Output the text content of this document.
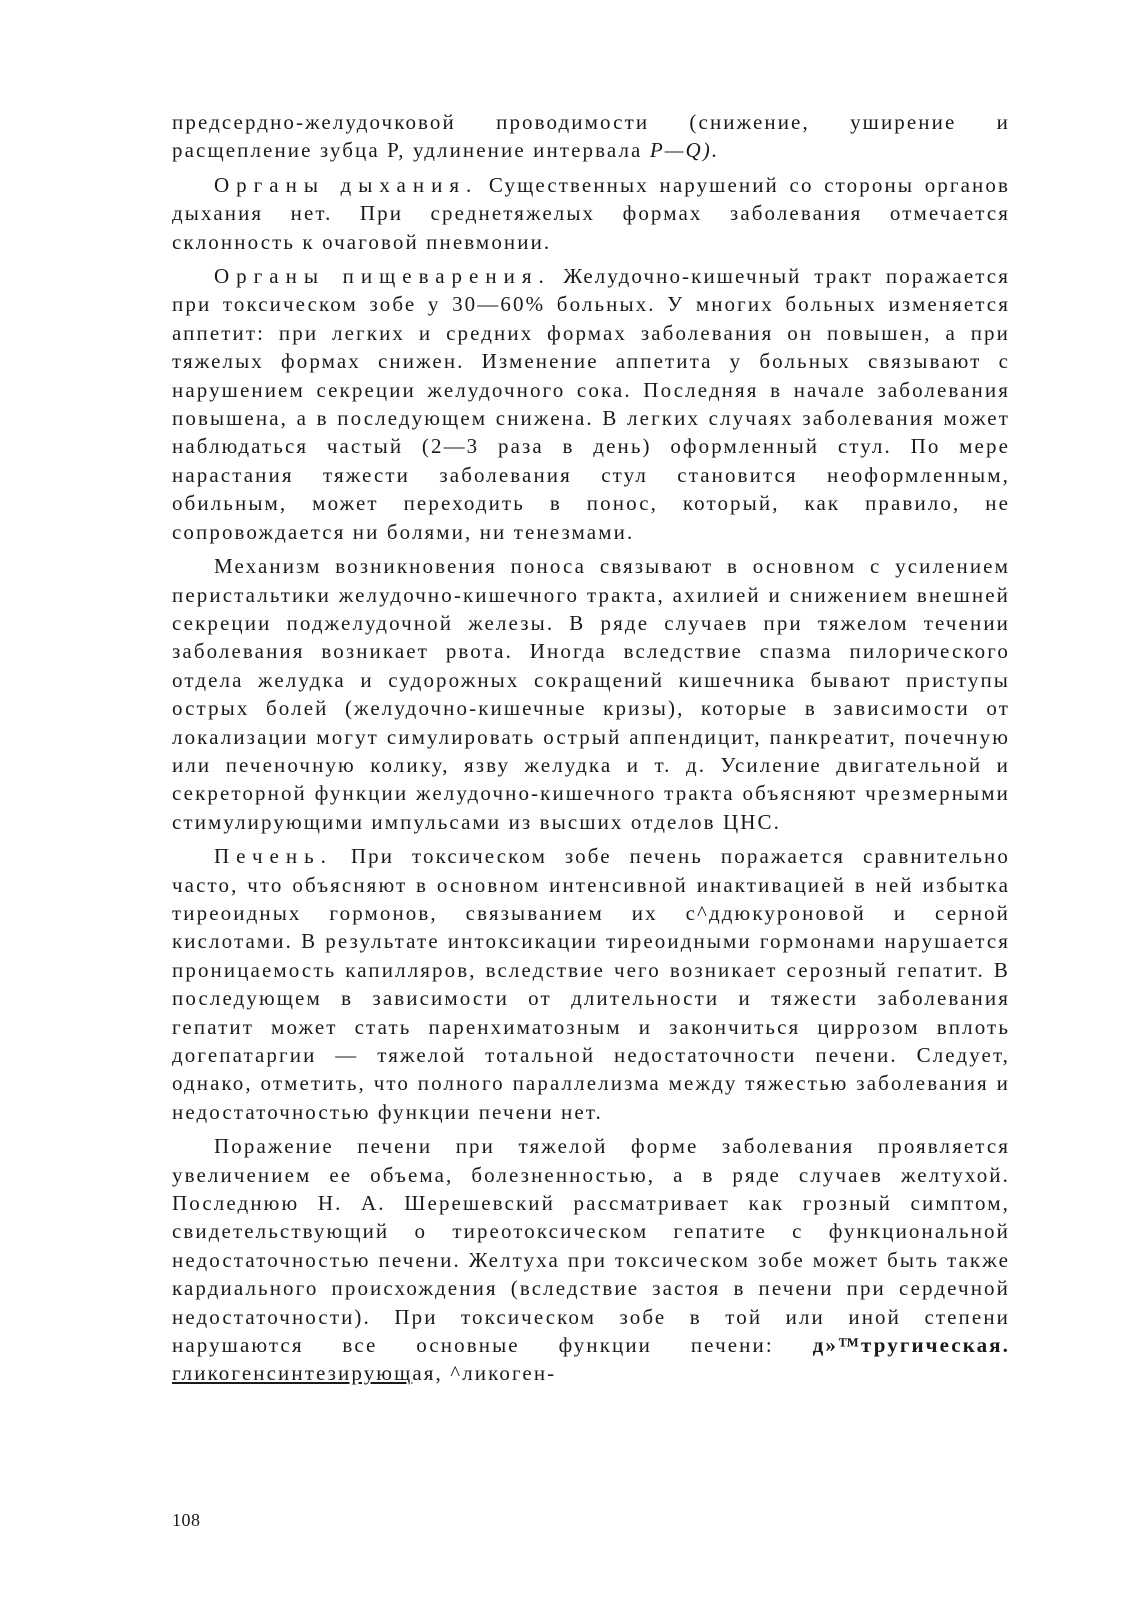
предсердно-желудочковой проводимости (снижение, уширение и расщепление зубца Р, удлинение интервала Р—Q).

Органы дыхания. Существенных нарушений со стороны органов дыхания нет. При среднетяжелых формах заболевания отмечается склонность к очаговой пневмонии.

Органы пищеварения. Желудочно-кишечный тракт поражается при токсическом зобе у 30—60% больных. У многих больных изменяется аппетит: при легких и средних формах заболевания он повышен, а при тяжелых формах снижен. Изменение аппетита у больных связывают с нарушением секреции желудочного сока. Последняя в начале заболевания повышена, а в последующем снижена. В легких случаях заболевания может наблюдаться частый (2—3 раза в день) оформленный стул. По мере нарастания тяжести заболевания стул становится неоформленным, обильным, может переходить в понос, который, как правило, не сопровождается ни болями, ни тенезмами.

Механизм возникновения поноса связывают в основном с усилением перистальтики желудочно-кишечного тракта, ахилией и снижением внешней секреции поджелудочной железы. В ряде случаев при тяжелом течении заболевания возникает рвота. Иногда вследствие спазма пилорического отдела желудка и судорожных сокращений кишечника бывают приступы острых болей (желудочно-кишечные кризы), которые в зависимости от локализации могут симулировать острый аппендицит, панкреатит, почечную или печеночную колику, язву желудка и т. д. Усиление двигательной и секреторной функции желудочно-кишечного тракта объясняют чрезмерными стимулирующими импульсами из высших отделов ЦНС.

Печень. При токсическом зобе печень поражается сравнительно часто, что объясняют в основном интенсивной инактивацией в ней избытка тиреоидных гормонов, связыванием их с^ддюкуроновой и серной кислотами. В результате интоксикации тиреоидными гормонами нарушается проницаемость капилляров, вследствие чего возникает серозный гепатит. В последующем в зависимости от длительности и тяжести заболевания гепатит может стать паренхиматозным и закончиться циррозом вплоть догепатаргии — тяжелой тотальной недостаточности печени. Следует, однако, отметить, что полного параллелизма между тяжестью заболевания и недостаточностью функции печени нет.

Поражение печени при тяжелой форме заболевания проявляется увеличением ее объема, болезненностью, а в ряде случаев желтухой. Последнюю Н. А. Шерешевский рассматривает как грозный симптом, свидетельствующий о тиреотоксическом гепатите с функциональной недостаточностью печени. Желтуха при токсическом зобе может быть также кардиального происхождения (вследствие застоя в печени при сердечной недостаточности). При токсическом зобе в той или иной степени нарушаются все основные функции печени: д»™тругическая. гликогенсинтезирующая, ^ликоген-

108
